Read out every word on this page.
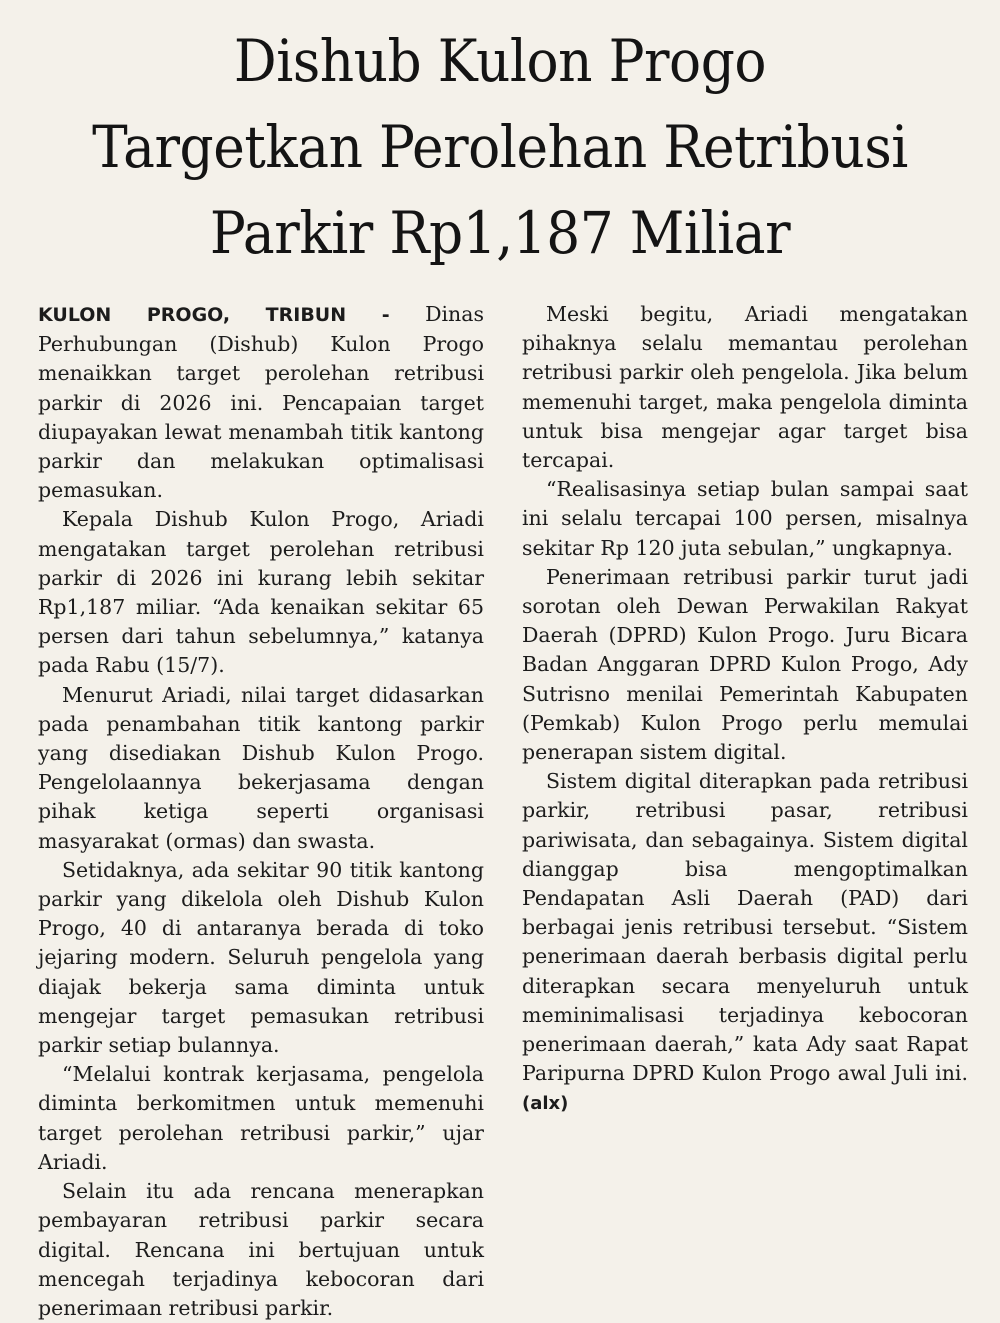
Dishub Kulon Progo
Targetkan Perolehan Retribusi
Parkir Rp1,187 Miliar

KULON PROGO, TRIBUN - Dinas Perhubungan (Dishub) Kulon Progo menaikkan target perolehan retribusi parkir di 2026 ini. Pencapaian target diupayakan lewat menambah titik kantong parkir dan melakukan optimalisasi pemasukan.

Kepala Dishub Kulon Progo, Ariadi mengatakan target perolehan retribusi parkir di 2026 ini kurang lebih sekitar Rp1,187 miliar. “Ada kenaikan sekitar 65 persen dari tahun sebelumnya,” katanya pada Rabu (15/7).

Menurut Ariadi, nilai target didasarkan pada penambahan titik kantong parkir yang disediakan Dishub Kulon Progo. Pengelolaannya bekerjasama dengan pihak ketiga seperti organisasi masyarakat (ormas) dan swasta.

Setidaknya, ada sekitar 90 titik kantong parkir yang dikelola oleh Dishub Kulon Progo, 40 di antaranya berada di toko jejaring modern. Seluruh pengelola yang diajak bekerja sama diminta untuk mengejar target pemasukan retribusi parkir setiap bulannya.

“Melalui kontrak kerjasama, pengelola diminta berkomitmen untuk memenuhi target perolehan retribusi parkir,” ujar Ariadi.

Selain itu ada rencana menerapkan pembayaran retribusi parkir secara digital. Rencana ini bertujuan untuk mencegah terjadinya kebocoran dari penerimaan retribusi parkir.

Meski begitu, Ariadi mengatakan pihaknya selalu memantau perolehan retribusi parkir oleh pengelola. Jika belum memenuhi target, maka pengelola diminta untuk bisa mengejar agar target bisa tercapai.

“Realisasinya setiap bulan sampai saat ini selalu tercapai 100 persen, misalnya sekitar Rp 120 juta sebulan,” ungkapnya.

Penerimaan retribusi parkir turut jadi sorotan oleh Dewan Perwakilan Rakyat Daerah (DPRD) Kulon Progo. Juru Bicara Badan Anggaran DPRD Kulon Progo, Ady Sutrisno menilai Pemerintah Kabupaten (Pemkab) Kulon Progo perlu memulai penerapan sistem digital.

Sistem digital diterapkan pada retribusi parkir, retribusi pasar, retribusi pariwisata, dan sebagainya. Sistem digital dianggap bisa mengoptimalkan Pendapatan Asli Daerah (PAD) dari berbagai jenis retribusi tersebut. “Sistem penerimaan daerah berbasis digital perlu diterapkan secara menyeluruh untuk meminimalisasi terjadinya kebocoran penerimaan daerah,” kata Ady saat Rapat Paripurna DPRD Kulon Progo awal Juli ini. (alx)
